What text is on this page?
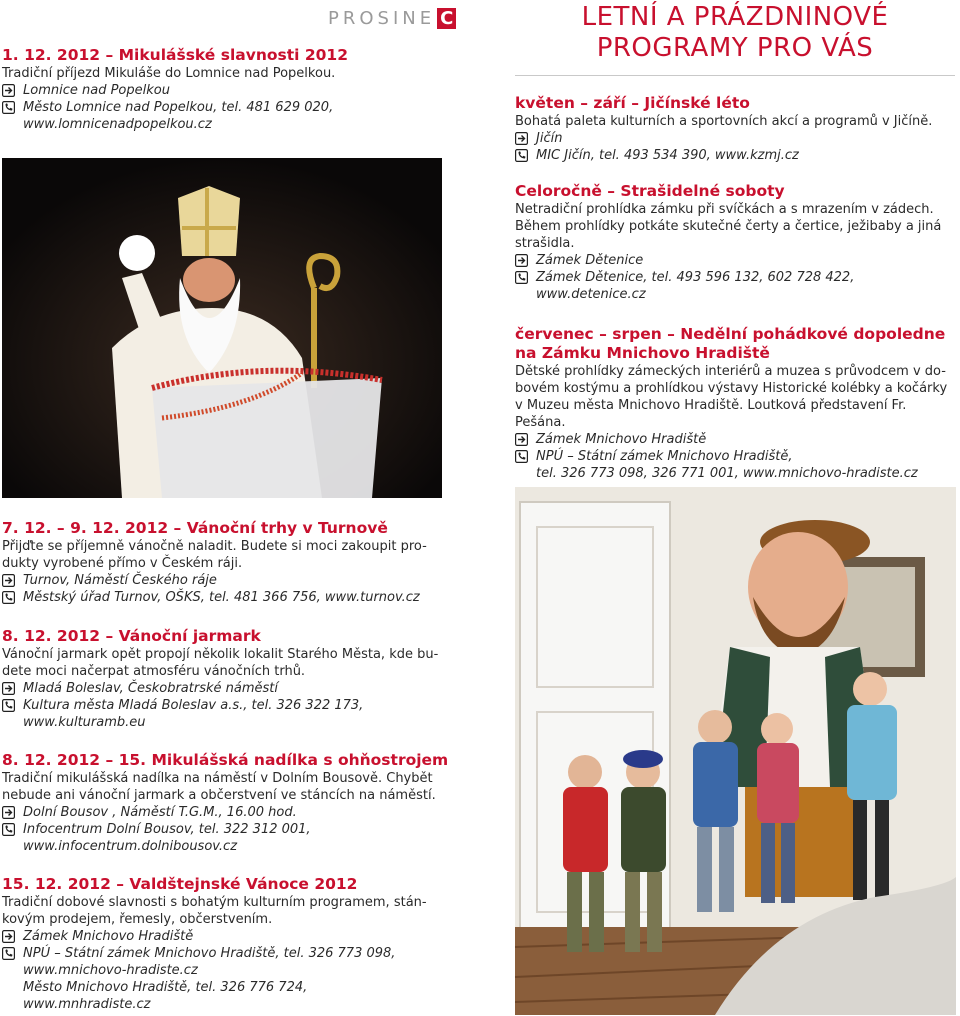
PROSINE C
1. 12. 2012 – Mikulášské slavnosti 2012
Tradiční příjezd Mikuláše do Lomnice nad Popelkou.
Lomnice nad Popelkou
Město Lomnice nad Popelkou, tel. 481 629 020,
www.lomnicenadpopelkou.cz
LETNÍ A PRÁZDNINOVÉ
PROGRAMY PRO VÁS
květen – září – Jičínské léto
Bohatá paleta kulturních a sportovních akcí a programů v Jičíně.
Jičín
MIC Jičín, tel. 493 534 390, www.kzmj.cz
Celoročně – Strašidelné soboty
Netradiční prohlídka zámku při svíčkách a s mrazením v zádech.
Během prohlídky potkáte skutečné čerty a čertice, ježibaby a jiná
strašidla.
Zámek Dětenice
Zámek Dětenice, tel. 493 596 132, 602 728 422,
www.detenice.cz
červenec – srpen – Nedělní pohádkové dopoledne
na Zámku Mnichovo Hradiště
Dětské prohlídky zámeckých interiérů a muzea s průvodcem v do-
bovém kostýmu a prohlídkou výstavy Historické kolébky a kočárky
v Muzeu města Mnichovo Hradiště. Loutková představení Fr. Pešána.
Zámek Mnichovo Hradiště
NPÚ – Státní zámek Mnichovo Hradiště,
tel. 326 773 098, 326 771 001, www.mnichovo-hradiste.cz
7. 12. – 9. 12. 2012 – Vánoční trhy v Turnově
Přijďte se příjemně vánočně naladit. Budete si moci zakoupit pro-
dukty vyrobené přímo v Českém ráji.
Turnov, Náměstí Českého ráje
Městský úřad Turnov, OŠKS, tel. 481 366 756, www.turnov.cz
8. 12. 2012 – Vánoční jarmark
Vánoční jarmark opět propojí několik lokalit Starého Města, kde bu-
dete moci načerpat atmosféru vánočních trhů.
Mladá Boleslav, Českobratrské náměstí
Kultura města Mladá Boleslav a.s., tel. 326 322 173,
www.kulturamb.eu
8. 12. 2012 – 15. Mikulášská nadílka s ohňostrojem
Tradiční mikulášská nadílka na náměstí v Dolním Bousově. Chybět
nebude ani vánoční jarmark a občerstvení ve stáncích na náměstí.
Dolní Bousov , Náměstí T.G.M., 16.00 hod.
Infocentrum Dolní Bousov, tel. 322 312 001,
www.infocentrum.dolnibousov.cz
15. 12. 2012 – Valdštejnské Vánoce 2012
Tradiční dobové slavnosti s bohatým kulturním programem, stán-
kovým prodejem, řemesly, občerstvením.
Zámek Mnichovo Hradiště
NPÚ – Státní zámek Mnichovo Hradiště, tel. 326 773 098,
www.mnichovo-hradiste.cz
Město Mnichovo Hradiště, tel. 326 776 724,
www.mnhradiste.cz
